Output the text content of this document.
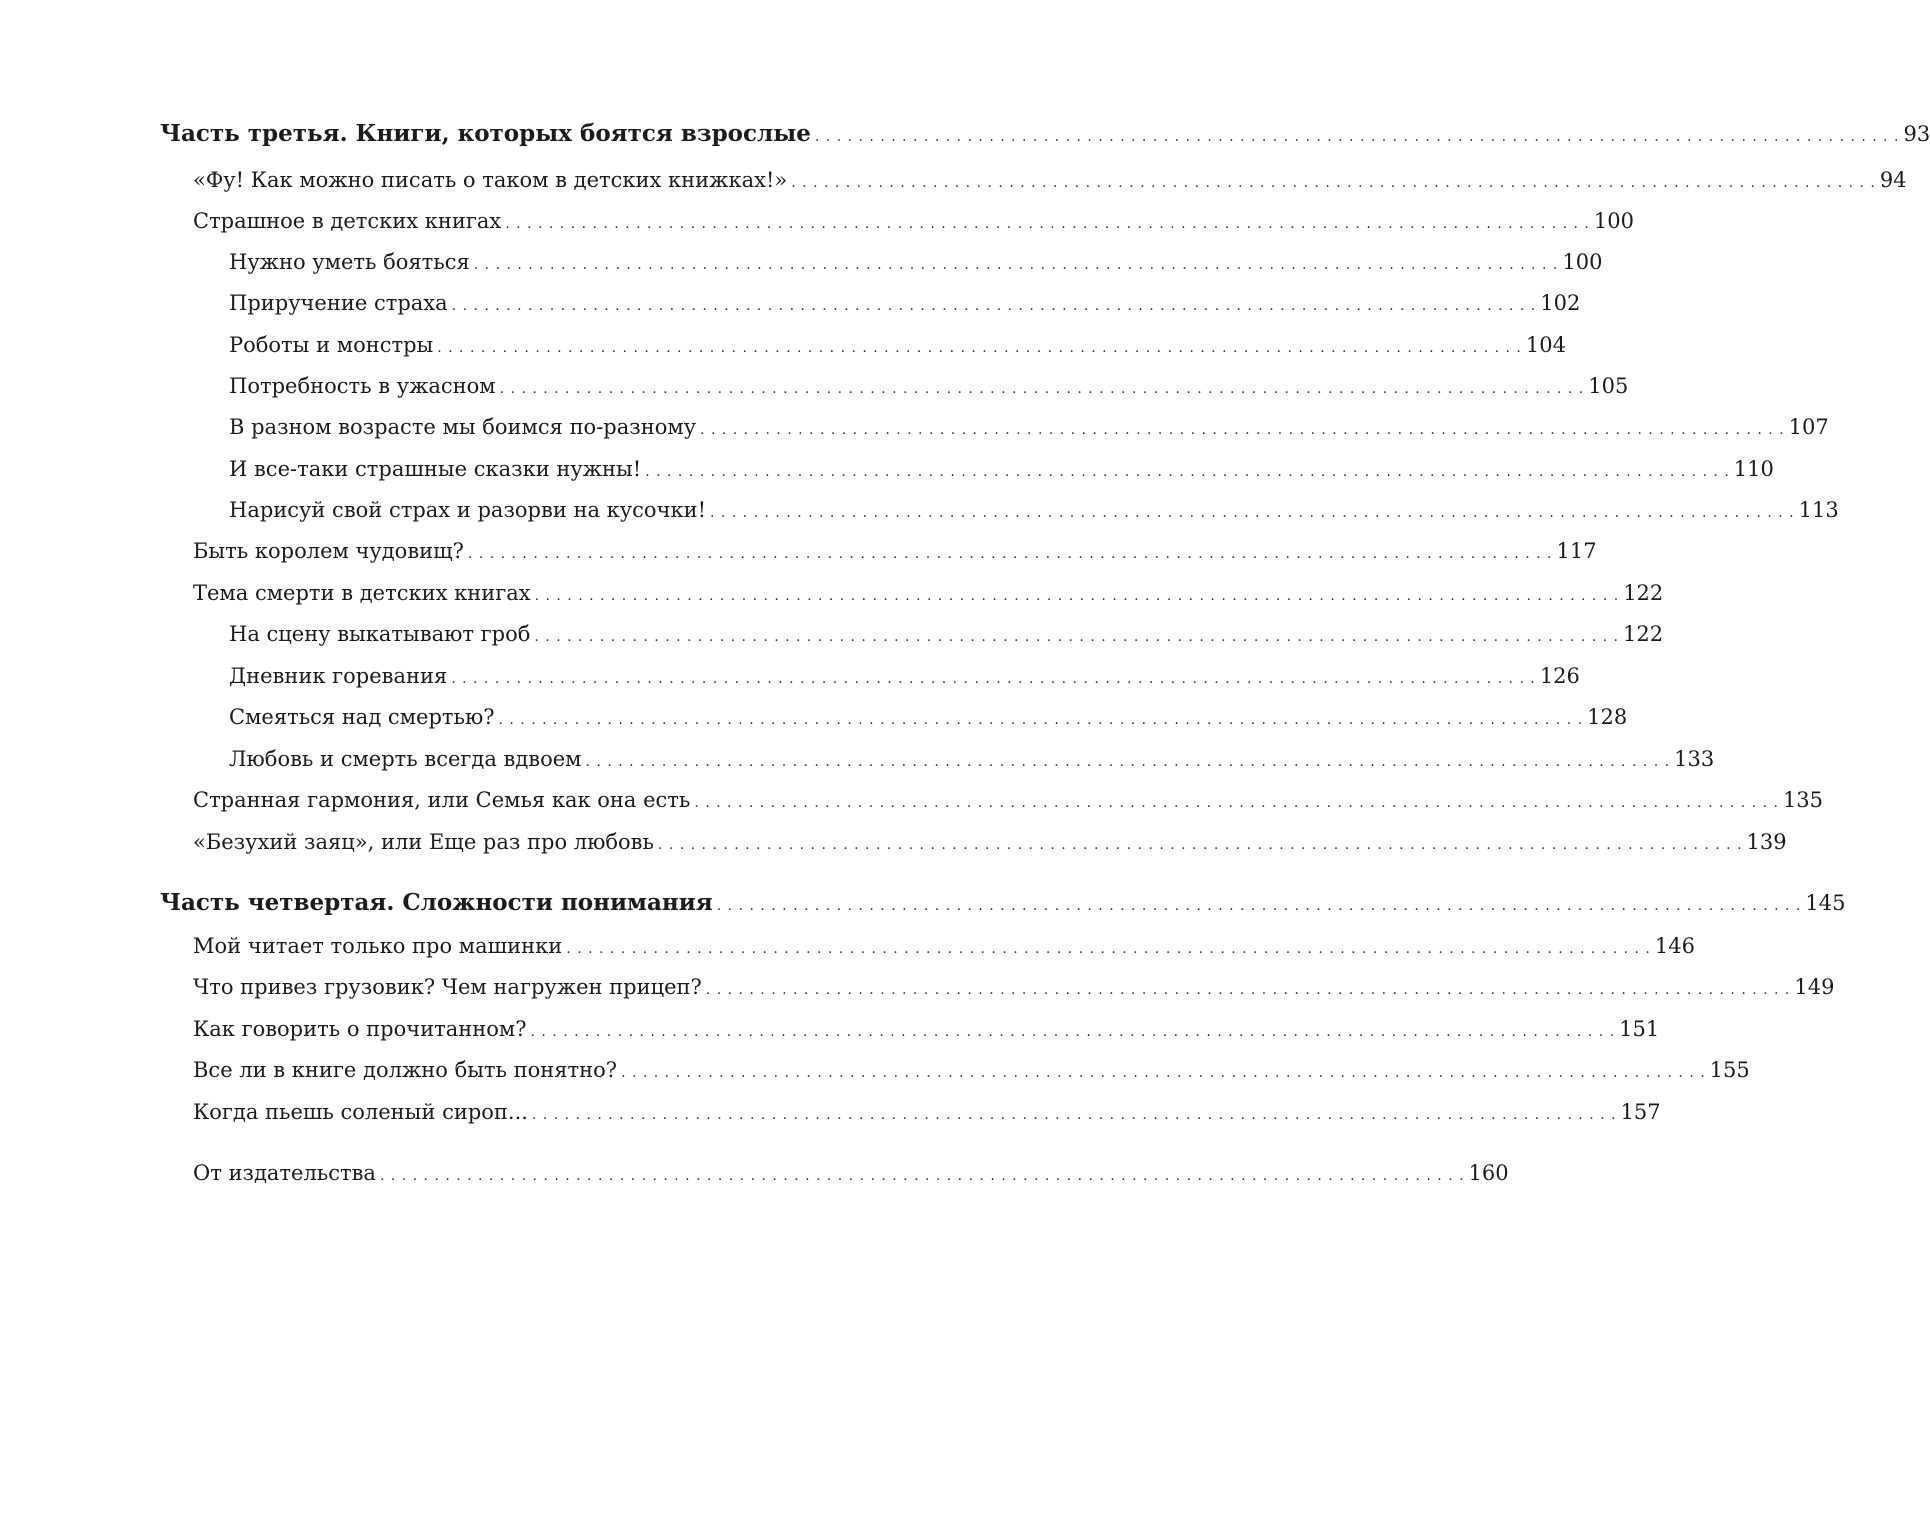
Часть третья. Книги, которых боятся взрослые . . .	93
«Фу! Как можно писать о таком в детских книжках!» . . .	94
Страшное в детских книгах . . .	100
Нужно уметь бояться . . .	100
Приручение страха . . .	102
Роботы и монстры . . .	104
Потребность в ужасном . . .	105
В разном возрасте мы боимся по-разному . . .	107
И все-таки страшные сказки нужны! . . .	110
Нарисуй свой страх и разорви на кусочки! . . .	113
Быть королем чудовищ? . . .	117
Тема смерти в детских книгах . . .	122
На сцену выкатывают гроб . . .	122
Дневник горевания . . .	126
Смеяться над смертью? . . .	128
Любовь и смерть всегда вдвоем . . .	133
Странная гармония, или Семья как она есть . . .	135
«Безухий заяц», или Еще раз про любовь . . .	139
Часть четвертая. Сложности понимания . . .	145
Мой читает только про машинки . . .	146
Что привез грузовик? Чем нагружен прицеп? . . .	149
Как говорить о прочитанном? . . .	151
Все ли в книге должно быть понятно? . . .	155
Когда пьешь соленый сироп... . . .	157
От издательства . . .	160
